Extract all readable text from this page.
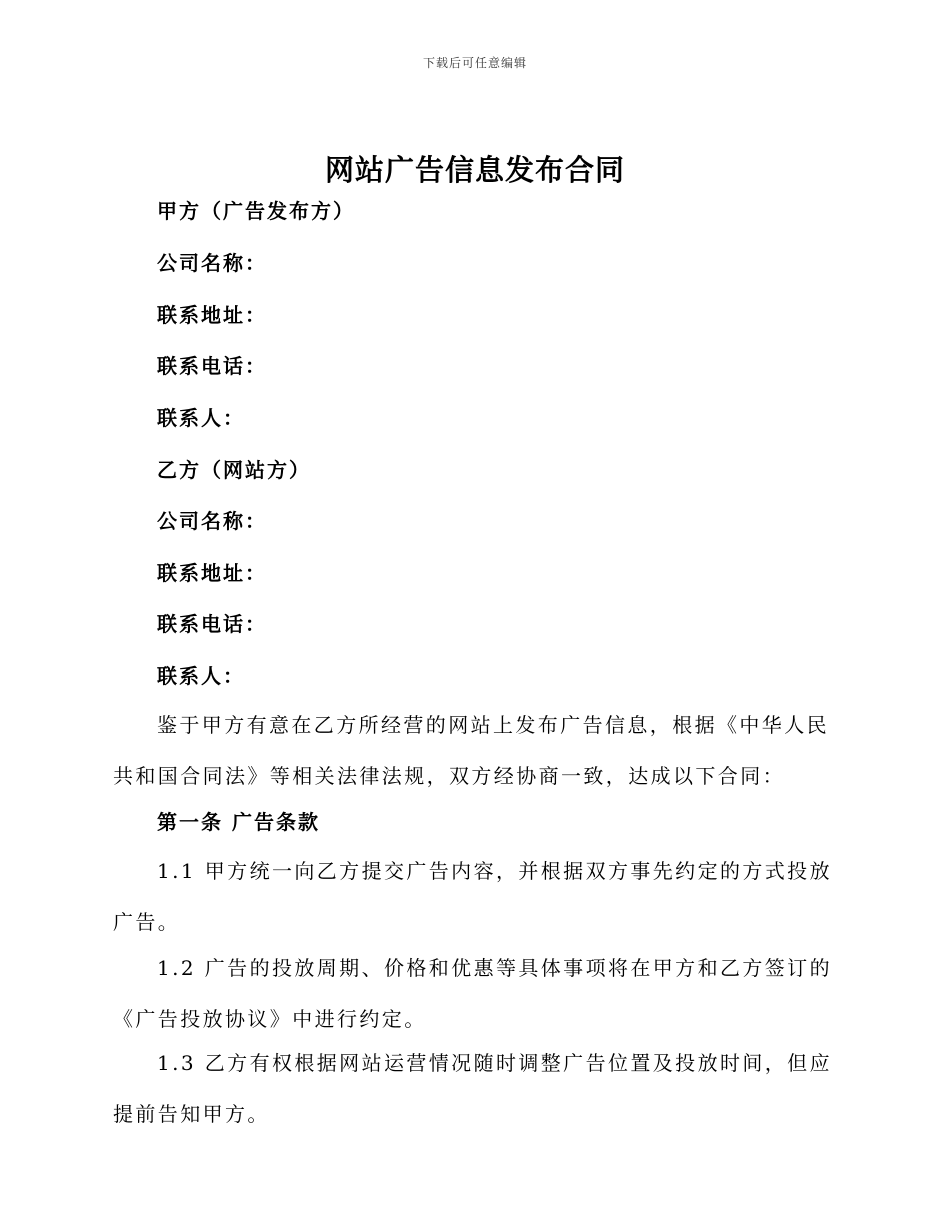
下载后可任意编辑
网站广告信息发布合同
甲方（广告发布方）
公司名称：
联系地址：
联系电话：
联系人：
乙方（网站方）
公司名称：
联系地址：
联系电话：
联系人：

鉴于甲方有意在乙方所经营的网站上发布广告信息，根据《中华人民共和国合同法》等相关法律法规，双方经协商一致，达成以下合同：

第一条 广告条款

1.1 甲方统一向乙方提交广告内容，并根据双方事先约定的方式投放广告。

1.2 广告的投放周期、价格和优惠等具体事项将在甲方和乙方签订的《广告投放协议》中进行约定。

1.3 乙方有权根据网站运营情况随时调整广告位置及投放时间，但应提前告知甲方。
